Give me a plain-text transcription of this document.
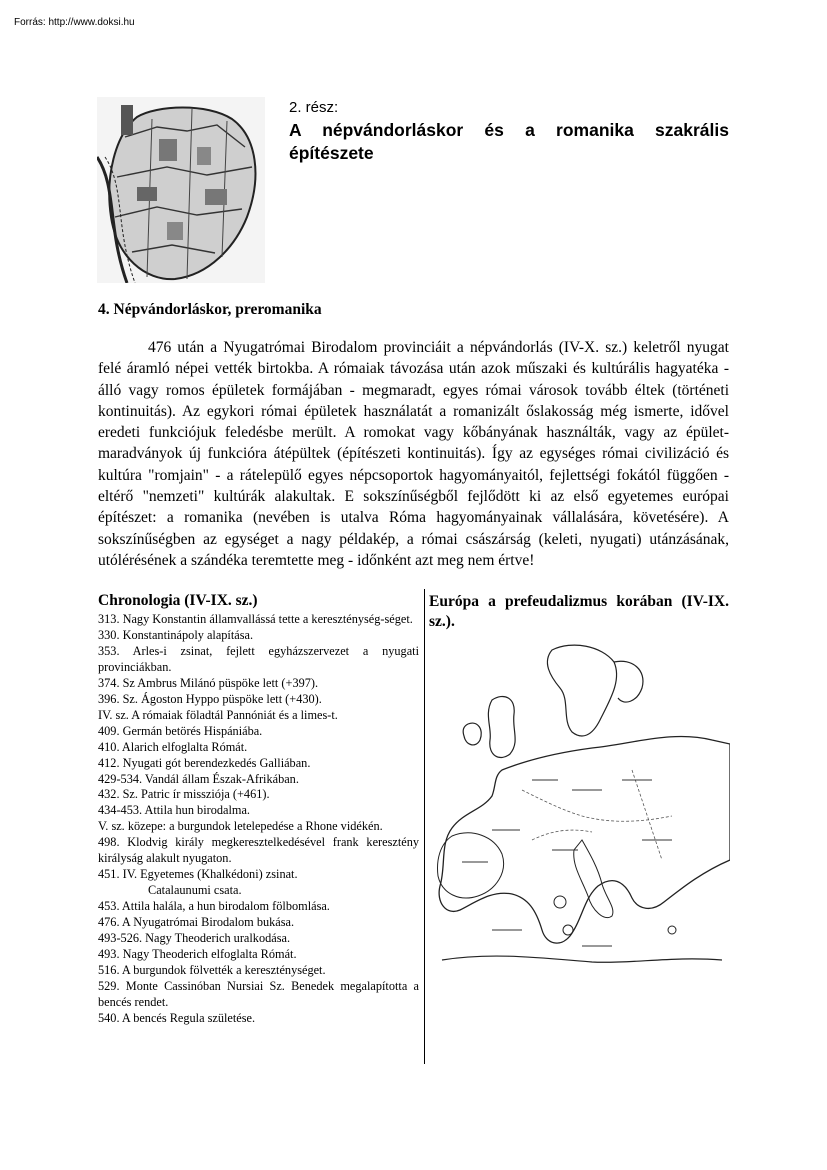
Forrás: http://www.doksi.hu
2. rész:
A népvándorláskor és a romanika szakrális építészete
4. Népvándorláskor, preromanika

476 után a Nyugatrómai Birodalom provinciáit a népvándorlás (IV-X. sz.) keletről nyugat felé áramló népei vették birtokba. A rómaiak távozása után azok műszaki és kultúrális hagyatéka - álló vagy romos épületek formájában - megmaradt, egyes római városok tovább éltek (történeti kontinuitás). Az egykori római épületek használatát a romanizált őslakosság még ismerte, idővel eredeti funkciójuk feledésbe merült. A romokat vagy kőbányának használták, vagy az épület-maradványok új funkcióra átépültek (építészeti kontinuitás). Így az egységes római civilizáció és kultúra "romjain" - a rátelepülő egyes népcsoportok hagyományaitól, fejlettségi fokától függően - eltérő "nemzeti" kultúrák alakultak. E sokszínűségből fejlődött ki az első egyetemes európai építészet: a romanika (nevében is utalva Róma hagyományainak vállalására, követésére). A sokszínűségben az egységet a nagy példakép, a római császárság (keleti, nyugati) utánzásának, utólérésének a szándéka teremtette meg - időnként azt meg nem értve!

Chronologia (IV-IX. sz.)
313. Nagy Konstantin államvallássá tette a kereszténység-séget.
330. Konstantinápoly alapítása.
353. Arles-i zsinat, fejlett egyházszervezet a nyugati provinciákban.
374. Sz Ambrus Milánó püspöke lett (+397).
396. Sz. Ágoston Hyppo püspöke lett (+430).
IV. sz. A rómaiak föladtál Pannóniát és a limes-t.
409. Germán betörés Hispániába.
410. Alarich elfoglalta Rómát.
412. Nyugati gót berendezkedés Galliában.
429-534. Vandál állam Észak-Afrikában.
432. Sz. Patric ír missziója (+461).
434-453. Attila hun birodalma.
V. sz. közepe: a burgundok letelepedése a Rhone vidékén.
498. Klodvig király megkeresztelkedésével frank keresztény királyság alakult nyugaton.
451. IV. Egyetemes (Khalkédoni) zsinat.
Catalaunumi csata.
453. Attila halála, a hun birodalom fölbomlása.
476. A Nyugatrómai Birodalom bukása.
493-526. Nagy Theoderich uralkodása.
493. Nagy Theoderich elfoglalta Rómát.
516. A burgundok fölvették a kereszténységet.
529. Monte Cassinóban Nursiai Sz. Benedek megalapította a bencés rendet.
540. A bencés Regula születése.
Európa a prefeudalizmus korában (IV-IX. sz.).
